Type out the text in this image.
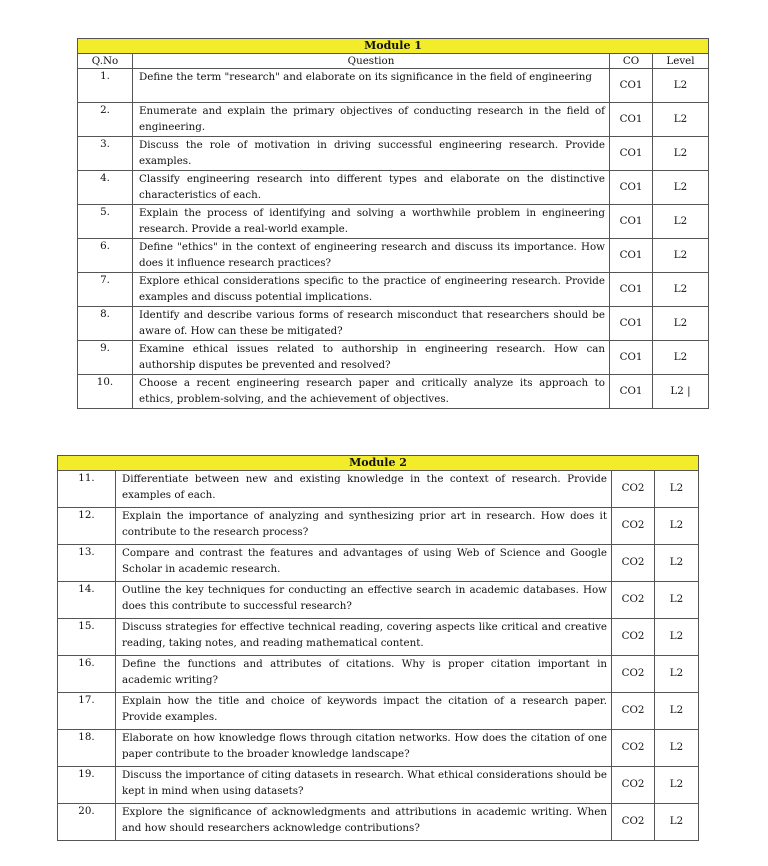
Module 1			
Q.No	Question	CO	Level
1.	Define the term "research" and elaborate on its significance in the field of engineering	CO1	L2
2.	Enumerate and explain the primary objectives of conducting research in the field of engineering.	CO1	L2
3.	Discuss the role of motivation in driving successful engineering research. Provide examples.	CO1	L2
4.	Classify engineering research into different types and elaborate on the distinctive characteristics of each.	CO1	L2
5.	Explain the process of identifying and solving a worthwhile problem in engineering research. Provide a real-world example.	CO1	L2
6.	Define "ethics" in the context of engineering research and discuss its importance. How does it influence research practices?	CO1	L2
7.	Explore ethical considerations specific to the practice of engineering research. Provide examples and discuss potential implications.	CO1	L2
8.	Identify and describe various forms of research misconduct that researchers should be aware of. How can these be mitigated?	CO1	L2
9.	Examine ethical issues related to authorship in engineering research. How can authorship disputes be prevented and resolved?	CO1	L2
10.	Choose a recent engineering research paper and critically analyze its approach to ethics, problem-solving, and the achievement of objectives.	CO1	L2 |
Module 2			
11.	Differentiate between new and existing knowledge in the context of research. Provide examples of each.	CO2	L2
12.	Explain the importance of analyzing and synthesizing prior art in research. How does it contribute to the research process?	CO2	L2
13.	Compare and contrast the features and advantages of using Web of Science and Google Scholar in academic research.	CO2	L2
14.	Outline the key techniques for conducting an effective search in academic databases. How does this contribute to successful research?	CO2	L2
15.	Discuss strategies for effective technical reading, covering aspects like critical and creative reading, taking notes, and reading mathematical content.	CO2	L2
16.	Define the functions and attributes of citations. Why is proper citation important in academic writing?	CO2	L2
17.	Explain how the title and choice of keywords impact the citation of a research paper. Provide examples.	CO2	L2
18.	Elaborate on how knowledge flows through citation networks. How does the citation of one paper contribute to the broader knowledge landscape?	CO2	L2
19.	Discuss the importance of citing datasets in research. What ethical considerations should be kept in mind when using datasets?	CO2	L2
20.	Explore the significance of acknowledgments and attributions in academic writing. When and how should researchers acknowledge contributions?	CO2	L2
